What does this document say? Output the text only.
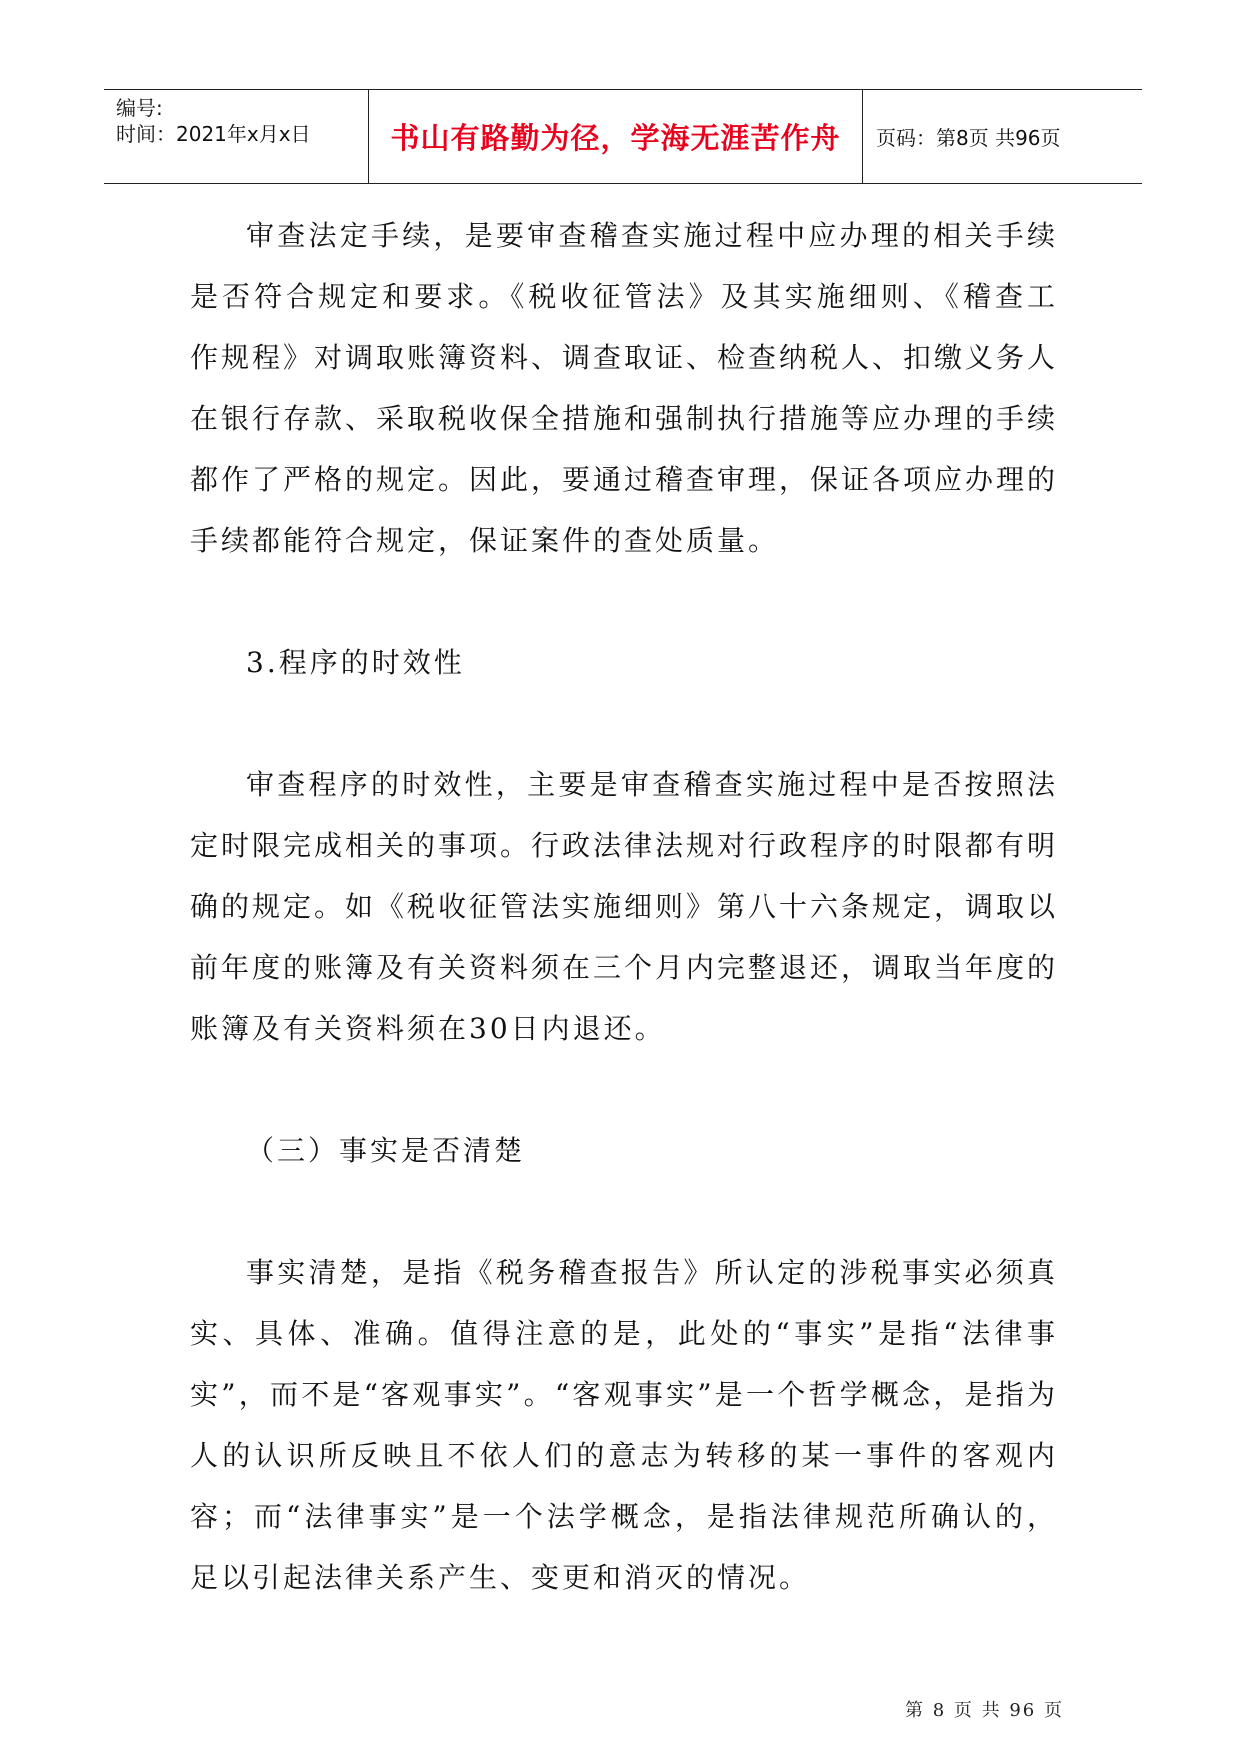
编号:
时间：2021年x月x日	书山有路勤为径，学海无涯苦作舟 页码：第8页 共96页

审查法定手续，是要审查稽查实施过程中应办理的相关手续是否符合规定和要求。《税收征管法》及其实施细则、《稽查工作规程》对调取账簿资料、调查取证、检查纳税人、扣缴义务人在银行存款、采取税收保全措施和强制执行措施等应办理的手续都作了严格的规定。因此，要通过稽查审理，保证各项应办理的手续都能符合规定，保证案件的查处质量。

3.程序的时效性

审查程序的时效性，主要是审查稽查实施过程中是否按照法定时限完成相关的事项。行政法律法规对行政程序的时限都有明确的规定。如《税收征管法实施细则》第八十六条规定，调取以前年度的账簿及有关资料须在三个月内完整退还，调取当年度的账簿及有关资料须在30日内退还。

（三）事实是否清楚

事实清楚，是指《税务稽查报告》所认定的涉税事实必须真实、具体、准确。值得注意的是，此处的“事实”是指“法律事实”，而不是“客观事实”。“客观事实”是一个哲学概念，是指为人的认识所反映且不依人们的意志为转移的某一事件的客观内容；而“法律事实”是一个法学概念，是指法律规范所确认的，足以引起法律关系产生、变更和消灭的情况。

第 8 页 共 96 页
